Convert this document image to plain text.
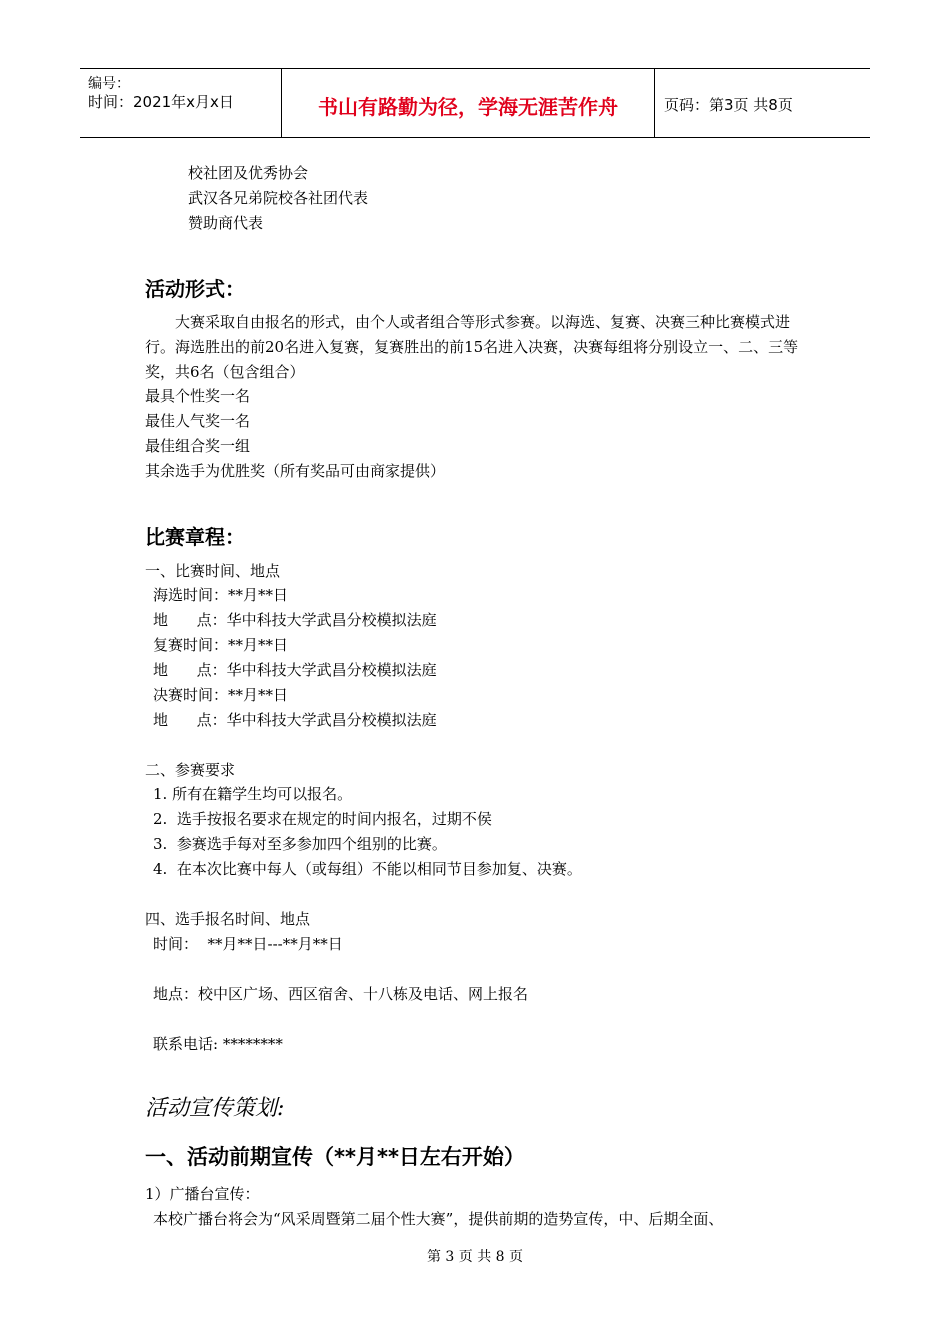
编号：
时间：2021年x月x日	书山有路勤为径，学海无涯苦作舟	页码：第3页 共8页
校社团及优秀协会
武汉各兄弟院校各社团代表
赞助商代表
活动形式：
大赛采取自由报名的形式，由个人或者组合等形式参赛。以海选、复赛、决赛三种比赛模式进行。海选胜出的前20名进入复赛，复赛胜出的前15名进入决赛，决赛每组将分别设立一、二、三等奖，共6名（包含组合）
最具个性奖一名
最佳人气奖一名
最佳组合奖一组
其余选手为优胜奖（所有奖品可由商家提供）
比赛章程：
一、比赛时间、地点
海选时间：**月**日
地      点：华中科技大学武昌分校模拟法庭
复赛时间：**月**日
地      点：华中科技大学武昌分校模拟法庭
决赛时间：**月**日
地      点：华中科技大学武昌分校模拟法庭
二、参赛要求
1. 所有在籍学生均可以报名。
2.  选手按报名要求在规定的时间内报名，过期不侯
3.  参赛选手每对至多参加四个组别的比赛。
4.  在本次比赛中每人（或每组）不能以相同节目参加复、决赛。
四、选手报名时间、地点
时间：  **月**日---**月**日
地点：校中区广场、西区宿舍、十八栋及电话、网上报名
联系电话: ********
活动宣传策划:
一、活动前期宣传（**月**日左右开始）
1）广播台宣传：
本校广播台将会为“风采周暨第二届个性大赛”，提供前期的造势宣传，中、后期全面、
第 3 页 共 8 页
